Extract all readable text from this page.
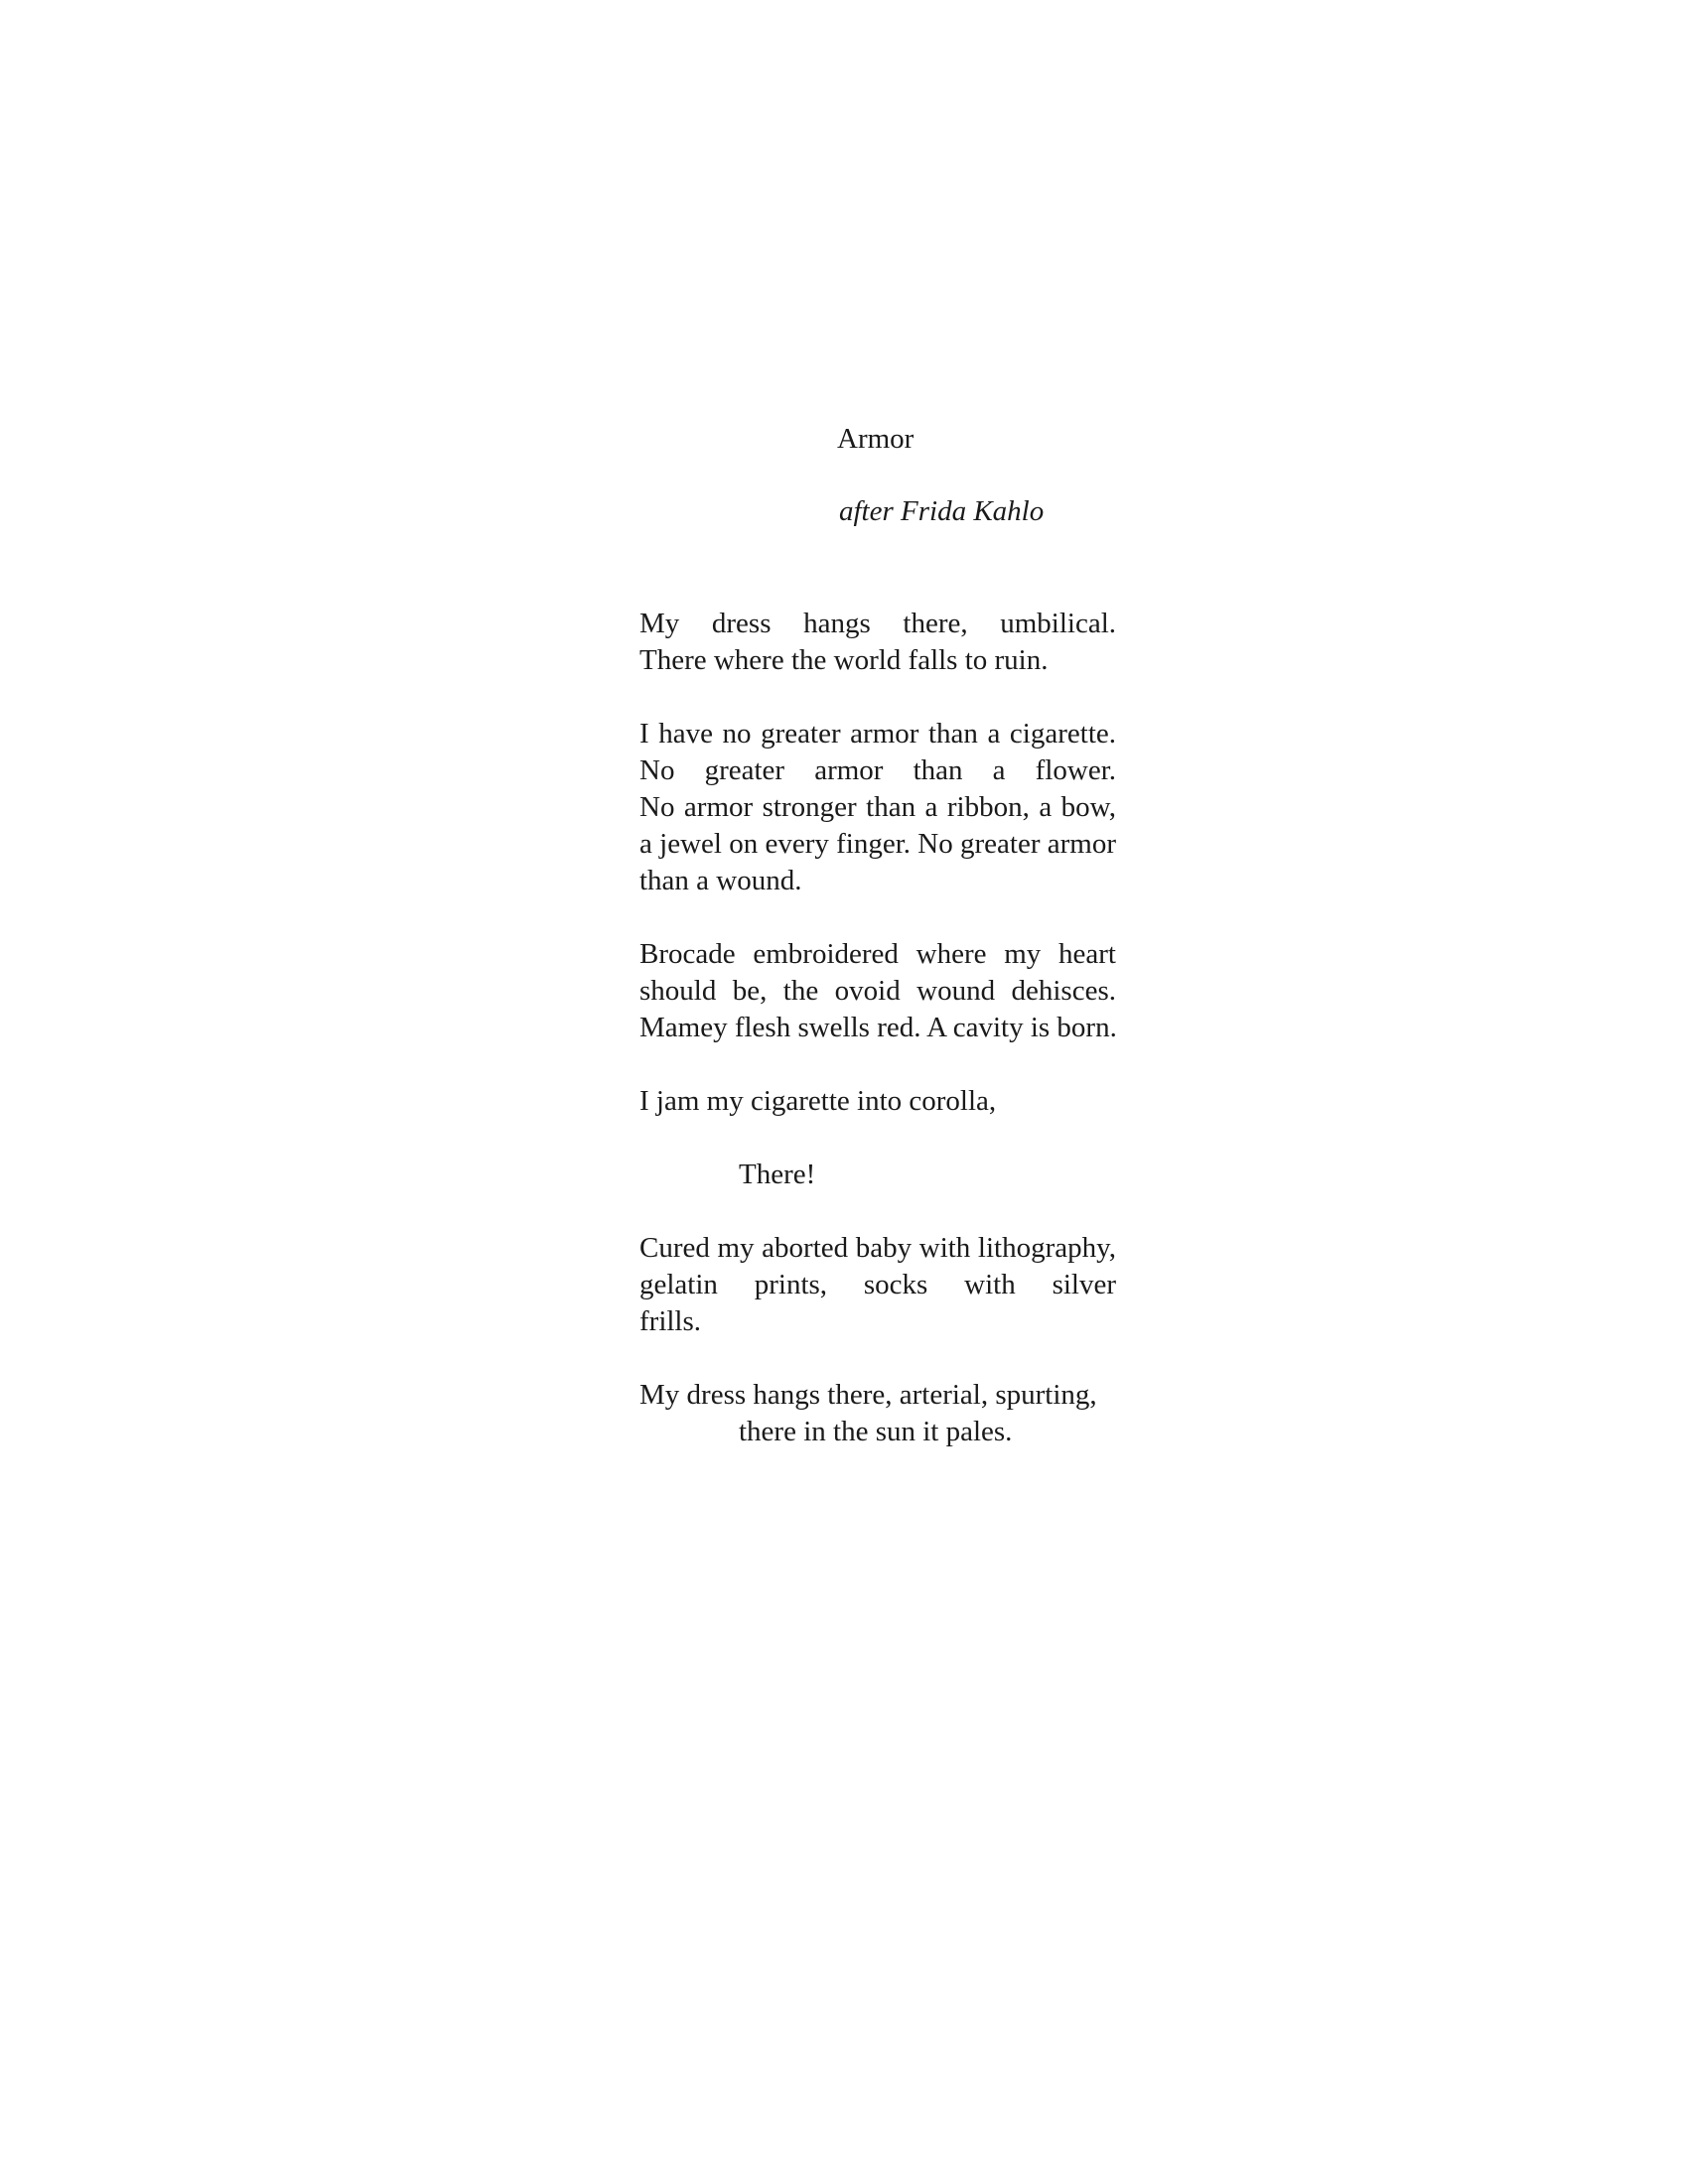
Armor
after Frida Kahlo
My dress hangs there, umbilical.
There where the world falls to ruin.
I have no greater armor than a cigarette.
No greater armor than a flower.
No armor stronger than a ribbon, a bow,
a jewel on every finger. No greater armor
than a wound.
Brocade embroidered where my heart
should be, the ovoid wound dehisces.
Mamey flesh swells red. A cavity is born.
I jam my cigarette into corolla,
There!
Cured my aborted baby with lithography,
gelatin prints, socks with silver
frills.
My dress hangs there, arterial, spurting,
there in the sun it pales.
